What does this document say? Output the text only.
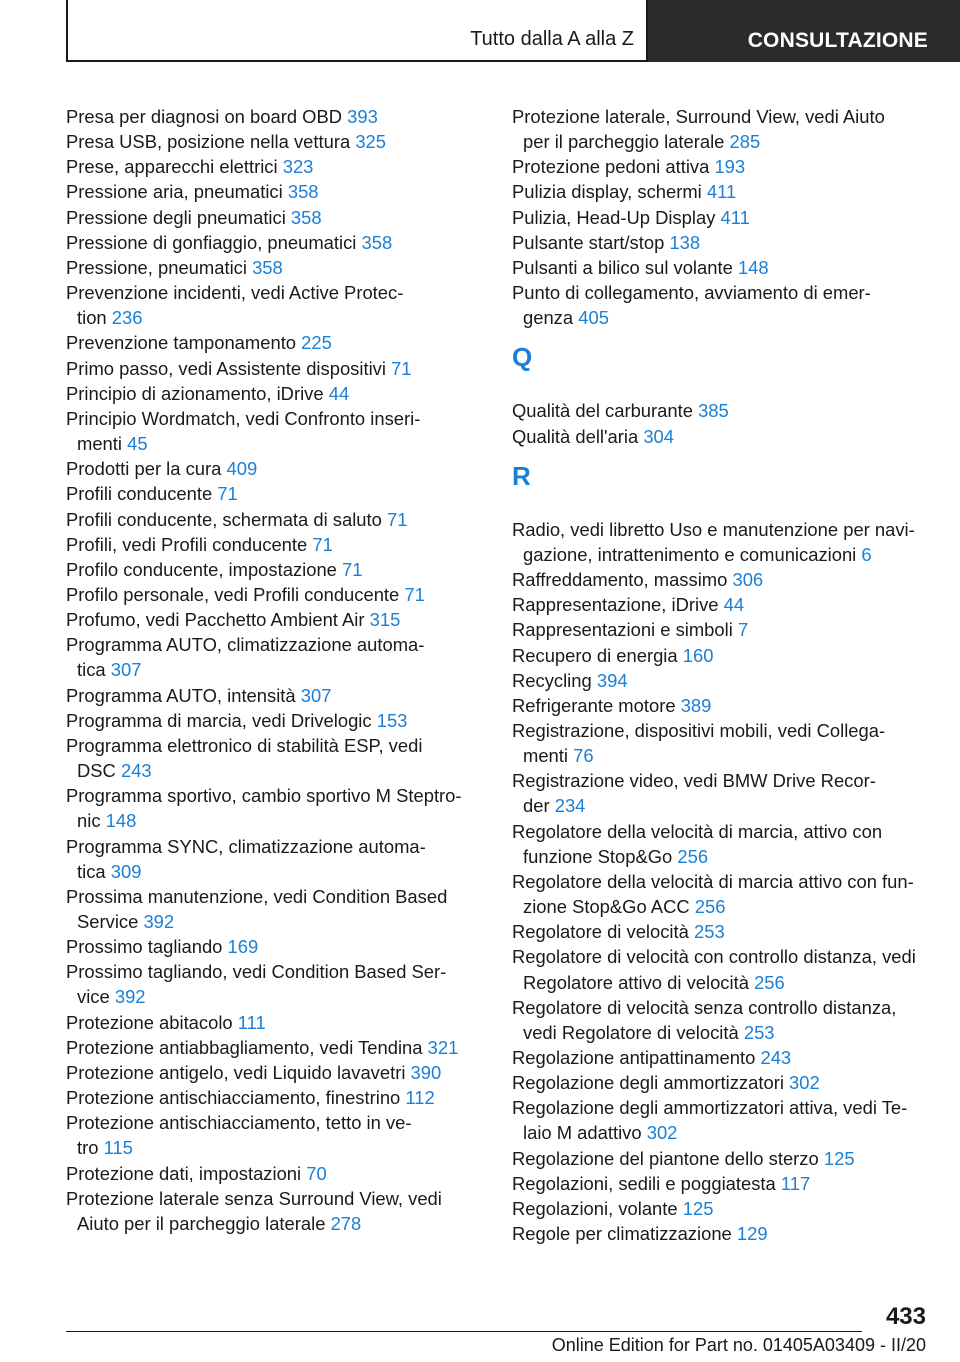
Tutto dalla A alla Z	CONSULTAZIONE
Presa per diagnosi on board OBD 393
Presa USB, posizione nella vettura 325
Prese, apparecchi elettrici 323
Pressione aria, pneumatici 358
Pressione degli pneumatici 358
Pressione di gonfiaggio, pneumatici 358
Pressione, pneumatici 358
Prevenzione incidenti, vedi Active Protec-
tion 236
Prevenzione tamponamento 225
Primo passo, vedi Assistente dispositivi 71
Principio di azionamento, iDrive 44
Principio Wordmatch, vedi Confronto inseri-
menti 45
Prodotti per la cura 409
Profili conducente 71
Profili conducente, schermata di saluto 71
Profili, vedi Profili conducente 71
Profilo conducente, impostazione 71
Profilo personale, vedi Profili conducente 71
Profumo, vedi Pacchetto Ambient Air 315
Programma AUTO, climatizzazione automa-
tica 307
Programma AUTO, intensità 307
Programma di marcia, vedi Drivelogic 153
Programma elettronico di stabilità ESP, vedi
DSC 243
Programma sportivo, cambio sportivo M Steptro-
nic 148
Programma SYNC, climatizzazione automa-
tica 309
Prossima manutenzione, vedi Condition Based
Service 392
Prossimo tagliando 169
Prossimo tagliando, vedi Condition Based Ser-
vice 392
Protezione abitacolo 111
Protezione antiabbagliamento, vedi Tendina 321
Protezione antigelo, vedi Liquido lavavetri 390
Protezione antischiacciamento, finestrino 112
Protezione antischiacciamento, tetto in ve-
tro 115
Protezione dati, impostazioni 70
Protezione laterale senza Surround View, vedi
Aiuto per il parcheggio laterale 278
Protezione laterale, Surround View, vedi Aiuto
per il parcheggio laterale 285
Protezione pedoni attiva 193
Pulizia display, schermi 411
Pulizia, Head-Up Display 411
Pulsante start/stop 138
Pulsanti a bilico sul volante 148
Punto di collegamento, avviamento di emer-
genza 405
Q
Qualità del carburante 385
Qualità dell'aria 304
R
Radio, vedi libretto Uso e manutenzione per navi-
gazione, intrattenimento e comunicazioni 6
Raffreddamento, massimo 306
Rappresentazione, iDrive 44
Rappresentazioni e simboli 7
Recupero di energia 160
Recycling 394
Refrigerante motore 389
Registrazione, dispositivi mobili, vedi Collega-
menti 76
Registrazione video, vedi BMW Drive Recor-
der 234
Regolatore della velocità di marcia, attivo con
funzione Stop&Go 256
Regolatore della velocità di marcia attivo con fun-
zione Stop&Go ACC 256
Regolatore di velocità 253
Regolatore di velocità con controllo distanza, vedi
Regolatore attivo di velocità 256
Regolatore di velocità senza controllo distanza,
vedi Regolatore di velocità 253
Regolazione antipattinamento 243
Regolazione degli ammortizzatori 302
Regolazione degli ammortizzatori attiva, vedi Te-
laio M adattivo 302
Regolazione del piantone dello sterzo 125
Regolazioni, sedili e poggiatesta 117
Regolazioni, volante 125
Regole per climatizzazione 129
433
Online Edition for Part no. 01405A03409 - II/20
